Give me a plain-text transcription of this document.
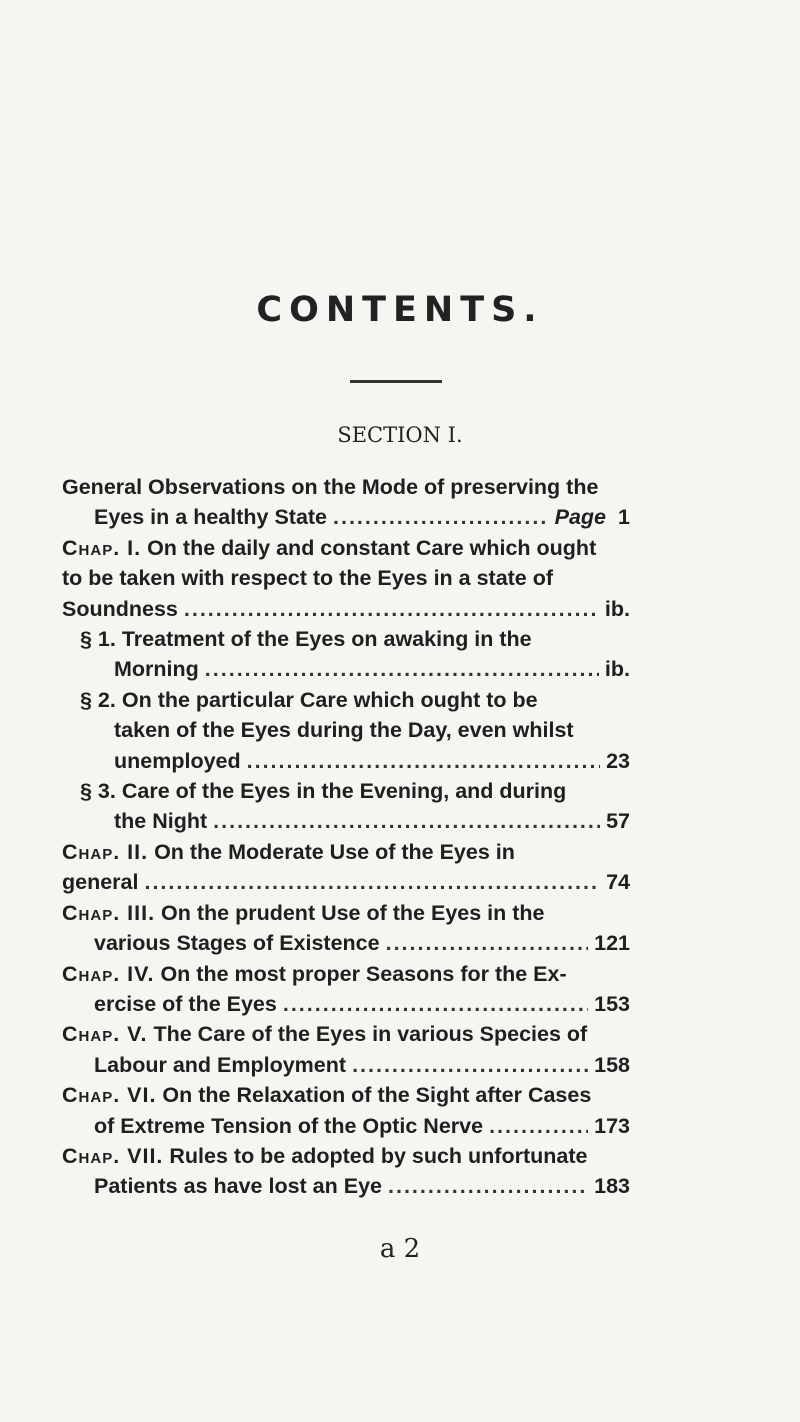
CONTENTS.
SECTION I.
General Observations on the Mode of preserving the
Eyes in a healthy State .....	Page 1
Chap. I. On the daily and constant Care which ought
to be taken with respect to the Eyes in a state of
Soundness .....	ib.
§ 1. Treatment of the Eyes on awaking in the
Morning .....	ib.
§ 2. On the particular Care which ought to be
taken of the Eyes during the Day, even whilst
unemployed .....	23
§ 3. Care of the Eyes in the Evening, and during
the Night .....	57
Chap. II. On the Moderate Use of the Eyes in
general .....	74
Chap. III. On the prudent Use of the Eyes in the
various Stages of Existence .....	121
Chap. IV. On the most proper Seasons for the Ex-
ercise of the Eyes .....	153
Chap. V. The Care of the Eyes in various Species of
Labour and Employment .....	158
Chap. VI. On the Relaxation of the Sight after Cases
of Extreme Tension of the Optic Nerve .....	173
Chap. VII. Rules to be adopted by such unfortunate
Patients as have lost an Eye .....	183
a 2
